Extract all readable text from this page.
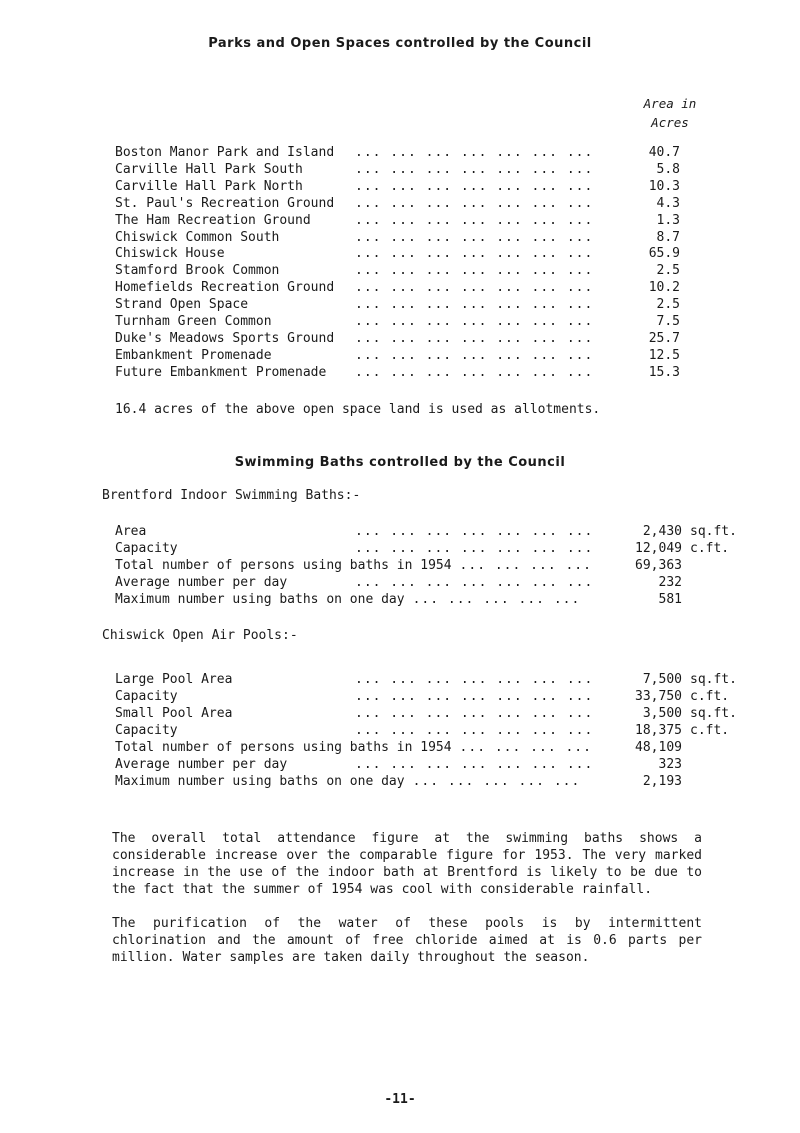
Parks and Open Spaces controlled by the Council
Area in
Acres
Boston Manor Park and Island ... ... ... ... ... ... ...	40.7
Carville Hall Park South	... ... ... ... ... ... ...	5.8
Carville Hall Park North	... ... ... ... ... ... ...	10.3
St. Paul's Recreation Ground ... ... ... ... ... ... ...	4.3
The Ham Recreation Ground	... ... ... ... ... ... ...	1.3
Chiswick Common South	... ... ... ... ... ... ...	8.7
Chiswick House	... ... ... ... ... ... ...	65.9
Stamford Brook Common	... ... ... ... ... ... ...	2.5
Homefields Recreation Ground ... ... ... ... ... ... ...	10.2
Strand Open Space	... ... ... ... ... ... ...	2.5
Turnham Green Common	... ... ... ... ... ... ...	7.5
Duke's Meadows Sports Ground ... ... ... ... ... ... ...	25.7
Embankment Promenade	... ... ... ... ... ... ...	12.5
Future Embankment Promenade ... ... ... ... ... ... ...	15.3
16.4 acres of the above open space land is used as allotments.
Swimming Baths controlled by the Council
Brentford Indoor Swimming Baths:-
Area	... ... ... ... ... ... ...	2,430 sq.ft.
Capacity	... ... ... ... ... ... ...	12,049 c.ft.
Total number of persons using baths in 1954 ... ... ... ...	69,363
Average number per day	... ... ... ... ... ... ...	232
Maximum number using baths on one day ... ... ... ... ...	581
Chiswick Open Air Pools:-
Large Pool Area	... ... ... ... ... ... ...	7,500 sq.ft.
Capacity	... ... ... ... ... ... ...	33,750 c.ft.
Small Pool Area	... ... ... ... ... ... ...	3,500 sq.ft.
Capacity	... ... ... ... ... ... ...	18,375 c.ft.
Total number of persons using baths in 1954 ... ... ... ...	48,109
Average number per day	... ... ... ... ... ... ...	323
Maximum number using baths on one day ... ... ... ... ...	2,193

The overall total attendance figure at the swimming baths shows a considerable increase over the comparable figure for 1953. The very marked increase in the use of the indoor bath at Brentford is likely to be due to the fact that the summer of 1954 was cool with considerable rainfall.

The purification of the water of these pools is by intermittent chlorination and the amount of free chloride aimed at is 0.6 parts per million. Water samples are taken daily throughout the season.

-11-
